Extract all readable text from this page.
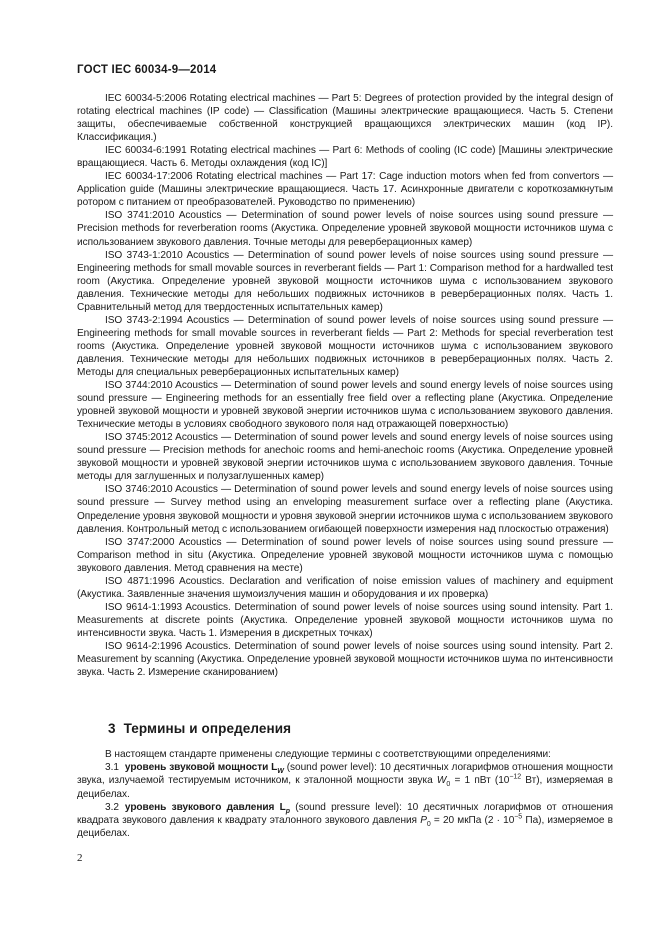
ГОСТ IEC 60034-9—2014

IEC 60034-5:2006 Rotating electrical machines — Part 5: Degrees of protection provided by the integral design of rotating electrical machines (IP code) — Classification (Машины электрические вращающиеся. Часть 5. Степени защиты, обеспечиваемые собственной конструкцией вращающихся электрических машин (код IP). Классификация.)

IEC 60034-6:1991 Rotating electrical machines — Part 6: Methods of cooling (IC code) [Машины электрические вращающиеся. Часть 6. Методы охлаждения (код IC)]

IEC 60034-17:2006 Rotating electrical machines — Part 17: Cage induction motors when fed from convertors — Application guide (Машины электрические вращающиеся. Часть 17. Асинхронные двигатели с короткозамкнутым ротором с питанием от преобразователей. Руководство по применению)

ISO 3741:2010 Acoustics — Determination of sound power levels of noise sources using sound pressure — Precision methods for reverberation rooms (Акустика. Определение уровней звуковой мощности источников шума с использованием звукового давления. Точные методы для реверберационных камер)

ISO 3743-1:2010 Acoustics — Determination of sound power levels of noise sources using sound pressure — Engineering methods for small movable sources in reverberant fields — Part 1: Comparison method for a hardwalled test room (Акустика. Определение уровней звуковой мощности источников шума с использованием звукового давления. Технические методы для небольших подвижных источников в реверберационных полях. Часть 1. Сравнительный метод для твердостенных испытательных камер)

ISO 3743-2:1994 Acoustics — Determination of sound power levels of noise sources using sound pressure — Engineering methods for small movable sources in reverberant fields — Part 2: Methods for special reverberation test rooms (Акустика. Определение уровней звуковой мощности источников шума с использованием звукового давления. Технические методы для небольших подвижных источников в реверберационных полях. Часть 2. Методы для специальных реверберационных испытательных камер)

ISO 3744:2010 Acoustics — Determination of sound power levels and sound energy levels of noise sources using sound pressure — Engineering methods for an essentially free field over a reflecting plane (Акустика. Определение уровней звуковой мощности и уровней звуковой энергии источников шума с использованием звукового давления. Технические методы в условиях свободного звукового поля над отражающей поверхностью)

ISO 3745:2012 Acoustics — Determination of sound power levels and sound energy levels of noise sources using sound pressure — Precision methods for anechoic rooms and hemi-anechoic rooms (Акустика. Определение уровней звуковой мощности и уровней звуковой энергии источников шума с использованием звукового давления. Точные методы для заглушенных и полузаглушенных камер)

ISO 3746:2010 Acoustics — Determination of sound power levels and sound energy levels of noise sources using sound pressure — Survey method using an enveloping measurement surface over a reflecting plane (Акустика. Определение уровня звуковой мощности и уровня звуковой энергии источников шума с использованием звукового давления. Контрольный метод с использованием огибающей поверхности измерения над плоскостью отражения)

ISO 3747:2000 Acoustics — Determination of sound power levels of noise sources using sound pressure — Comparison method in situ (Акустика. Определение уровней звуковой мощности источников шума с помощью звукового давления. Метод сравнения на месте)

ISO 4871:1996 Acoustics. Declaration and verification of noise emission values of machinery and equipment (Акустика. Заявленные значения шумоизлучения машин и оборудования и их проверка)

ISO 9614-1:1993 Acoustics. Determination of sound power levels of noise sources using sound intensity. Part 1. Measurements at discrete points (Акустика. Определение уровней звуковой мощности источников шума по интенсивности звука. Часть 1. Измерения в дискретных точках)

ISO 9614-2:1996 Acoustics. Determination of sound power levels of noise sources using sound intensity. Part 2. Measurement by scanning (Акустика. Определение уровней звуковой мощности источников шума по интенсивности звука. Часть 2. Измерение сканированием)

3 Термины и определения

В настоящем стандарте применены следующие термины с соответствующими определениями:

3.1 уровень звуковой мощности $L_W$ (sound power level): 10 десятичных логарифмов отношения мощности звука, излучаемой тестируемым источником, к эталонной мощности звука $W_0 = 1$ пВт ($10^{-12}$ Вт), измеряемая в децибелах.

3.2 уровень звукового давления $L_p$ (sound pressure level): 10 десятичных логарифмов от отношения квадрата звукового давления к квадрату эталонного звукового давления $P_0 = 20$ мкПа ($2 \cdot 10^{-5}$ Па), измеряемое в децибелах.

2
